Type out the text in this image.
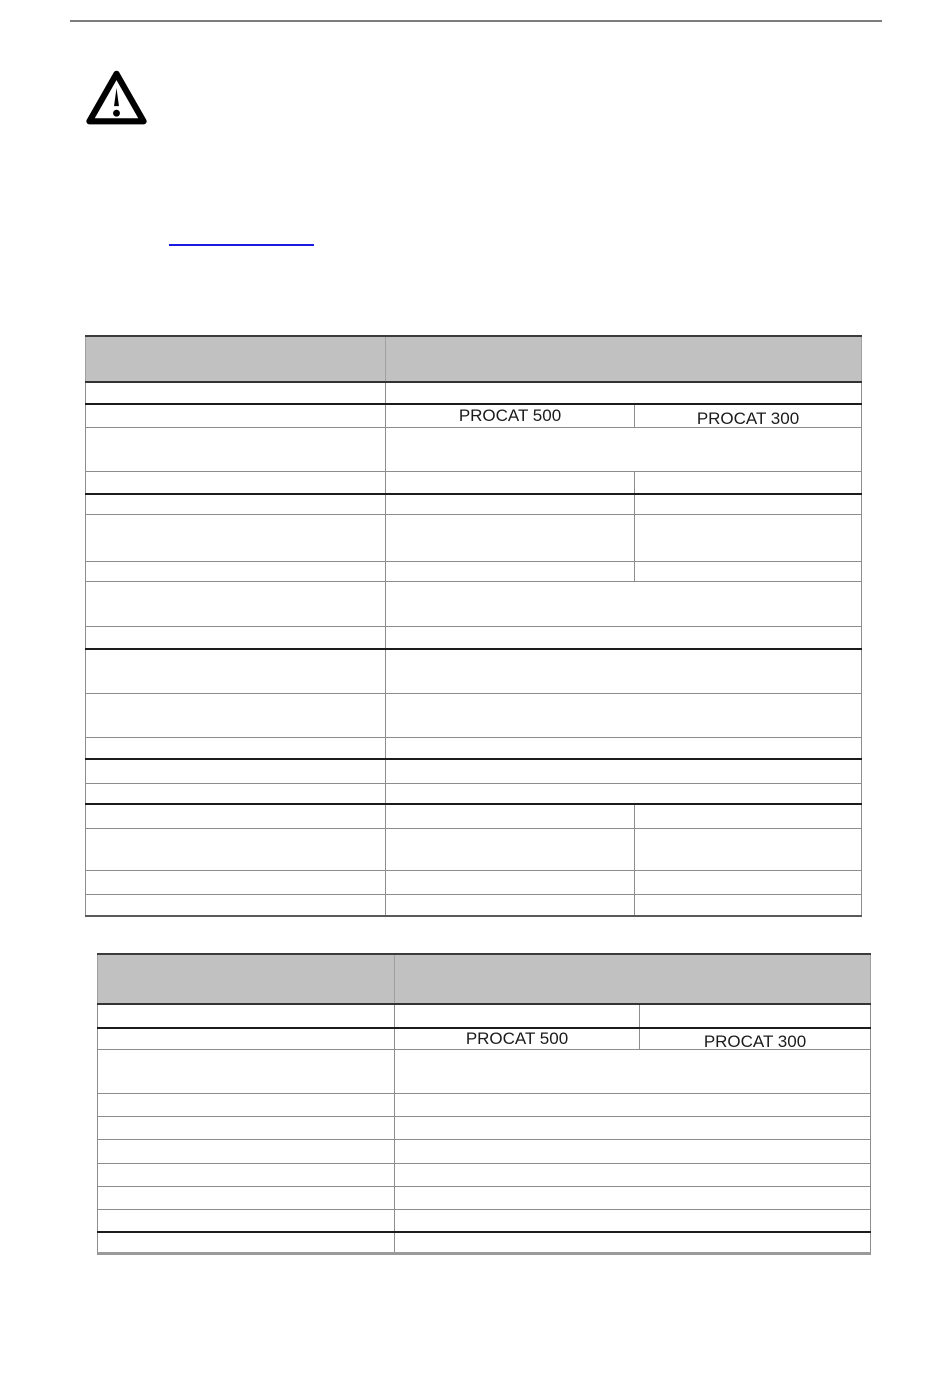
	PROCAT 500	PROCAT 300

	PROCAT 500	PROCAT 300
